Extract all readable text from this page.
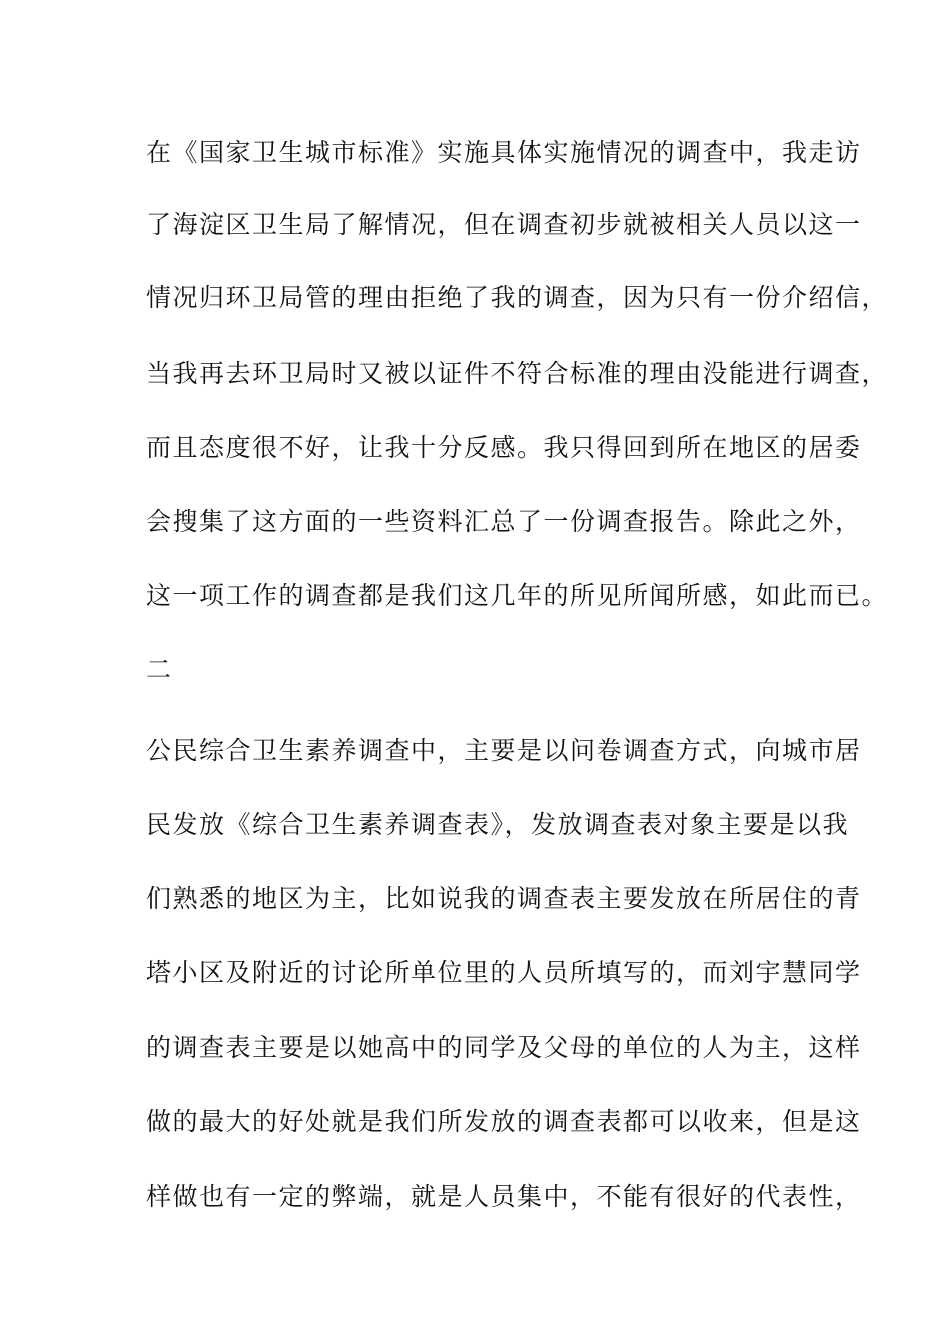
在《国家卫生城市标准》实施具体实施情况的调查中，我走访
了海淀区卫生局了解情况，但在调查初步就被相关人员以这一
情况归环卫局管的理由拒绝了我的调查，因为只有一份介绍信，
当我再去环卫局时又被以证件不符合标准的理由没能进行调查，
而且态度很不好，让我十分反感。我只得回到所在地区的居委
会搜集了这方面的一些资料汇总了一份调查报告。除此之外，
这一项工作的调查都是我们这几年的所见所闻所感，如此而已。
二
公民综合卫生素养调查中，主要是以问卷调查方式，向城市居
民发放《综合卫生素养调查表》，发放调查表对象主要是以我
们熟悉的地区为主，比如说我的调查表主要发放在所居住的青
塔小区及附近的讨论所单位里的人员所填写的，而刘宇慧同学
的调查表主要是以她高中的同学及父母的单位的人为主，这样
做的最大的好处就是我们所发放的调查表都可以收来，但是这
样做也有一定的弊端，就是人员集中，不能有很好的代表性，
